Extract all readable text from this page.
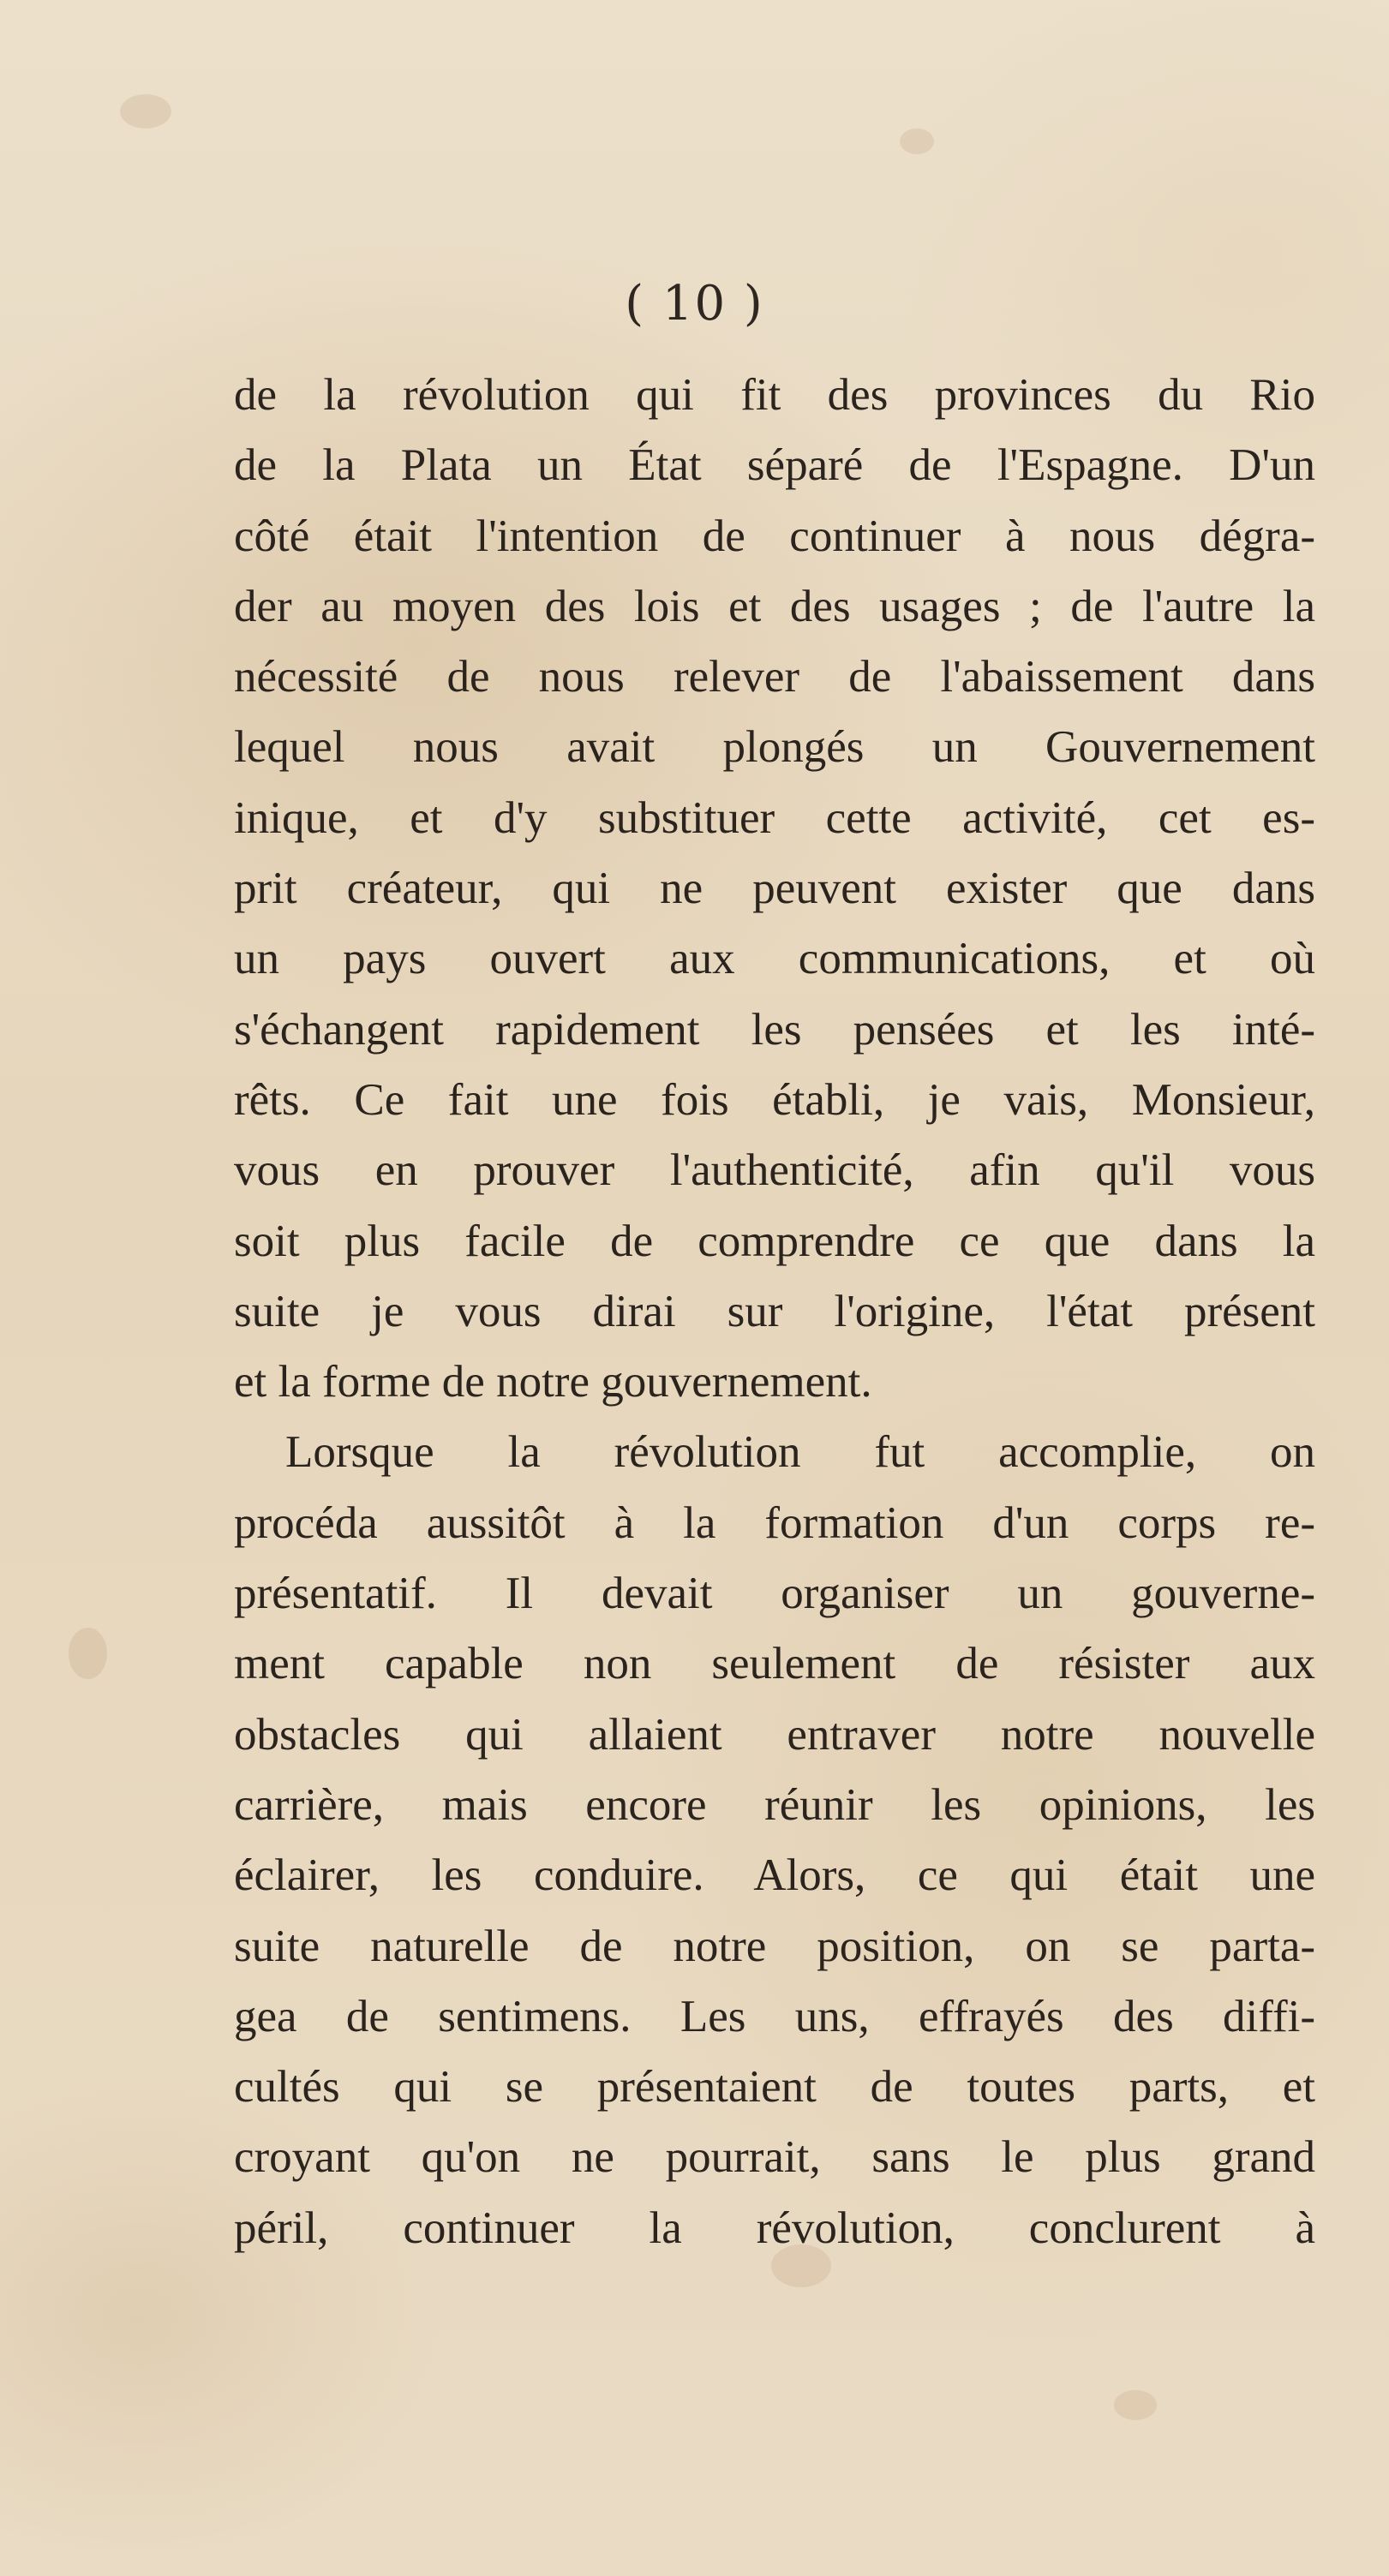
( 10 )
de la révolution qui fit des provinces du Rio
de la Plata un État séparé de l'Espagne. D'un
côté était l'intention de continuer à nous dégra-
der au moyen des lois et des usages ; de l'autre la
nécessité de nous relever de l'abaissement dans
lequel nous avait plongés un Gouvernement
inique, et d'y substituer cette activité, cet es-
prit créateur, qui ne peuvent exister que dans
un pays ouvert aux communications, et où
s'échangent rapidement les pensées et les inté-
rêts. Ce fait une fois établi, je vais, Monsieur,
vous en prouver l'authenticité, afin qu'il vous
soit plus facile de comprendre ce que dans la
suite je vous dirai sur l'origine, l'état présent
et la forme de notre gouvernement.
Lorsque la révolution fut accomplie, on
procéda aussitôt à la formation d'un corps re-
présentatif. Il devait organiser un gouverne-
ment capable non seulement de résister aux
obstacles qui allaient entraver notre nouvelle
carrière, mais encore réunir les opinions, les
éclairer, les conduire. Alors, ce qui était une
suite naturelle de notre position, on se parta-
gea de sentimens. Les uns, effrayés des diffi-
cultés qui se présentaient de toutes parts, et
croyant qu'on ne pourrait, sans le plus grand
péril, continuer la révolution, conclurent à
